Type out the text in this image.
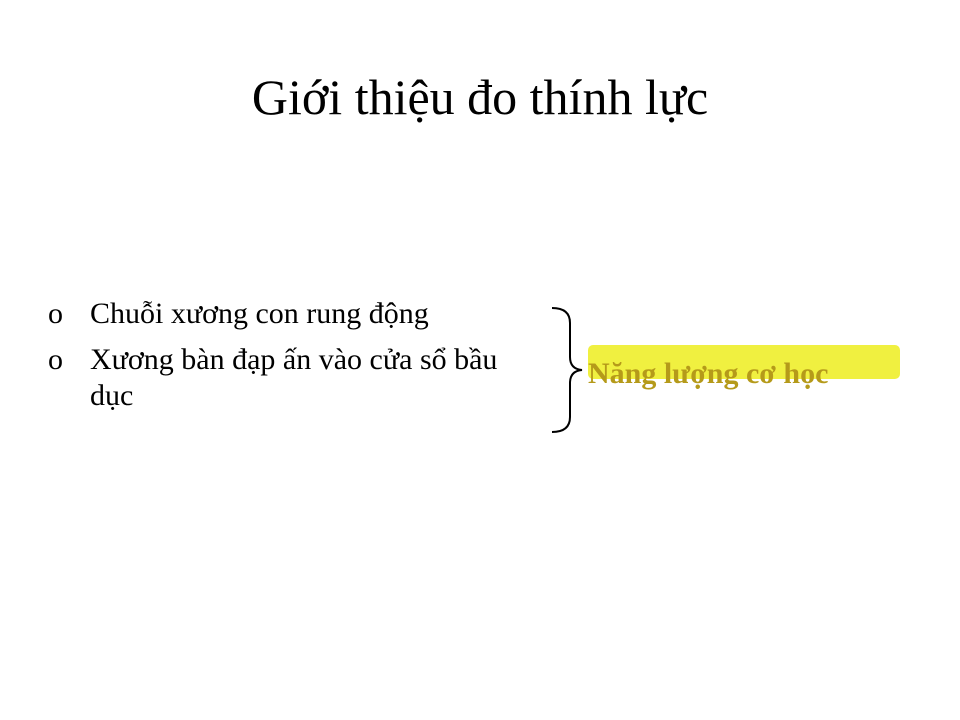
Giới thiệu đo thính lực
o Chuỗi xương con rung động
o Xương bàn đạp ấn vào cửa sổ bầu dục
Năng lượng cơ học
